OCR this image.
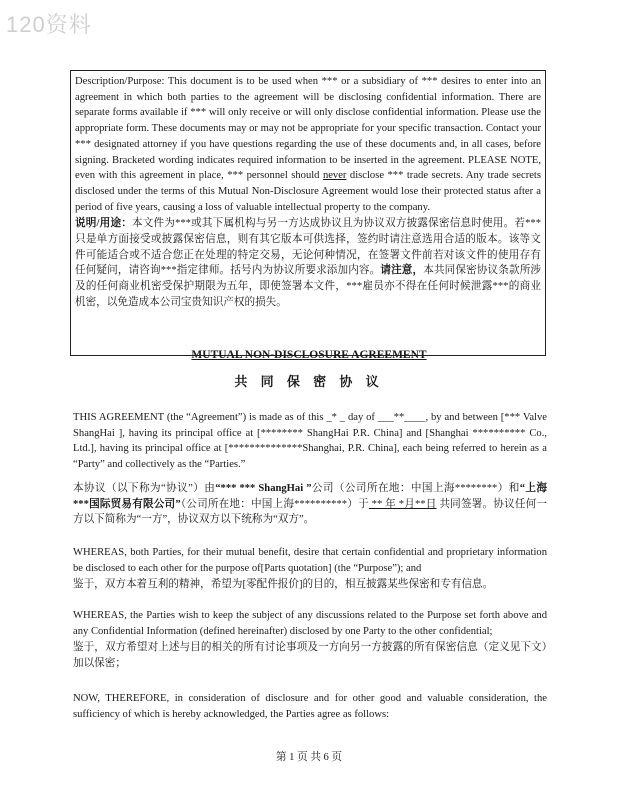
120资料

Description/Purpose: This document is to be used when *** or a subsidiary of *** desires to enter into an agreement in which both parties to the agreement will be disclosing confidential information. There are separate forms available if *** will only receive or will only disclose confidential information. Please use the appropriate form. These documents may or may not be appropriate for your specific transaction. Contact your *** designated attorney if you have questions regarding the use of these documents and, in all cases, before signing. Bracketed wording indicates required information to be inserted in the agreement. PLEASE NOTE, even with this agreement in place, *** personnel should never disclose *** trade secrets. Any trade secrets disclosed under the terms of this Mutual Non-Disclosure Agreement would lose their protected status after a period of five years, causing a loss of valuable intellectual property to the company.

说明/用途：本文件为***或其下属机构与另一方达成协议且为协议双方披露保密信息时使用。若***只是单方面接受或披露保密信息，则有其它版本可供选择，签约时请注意选用合适的版本。该等文件可能适合或不适合您正在处理的特定交易，无论何种情况，在签署文件前若对该文件的使用存有任何疑问，请咨询***指定律师。括号内为协议所要求添加内容。请注意，本共同保密协议条款所涉及的任何商业机密受保护期限为五年，即使签署本文件，***雇员亦不得在任何时候泄露***的商业机密，以免造成本公司宝贵知识产权的损失。

MUTUAL NON-DISCLOSURE AGREEMENT
共 同 保 密 协 议

THIS AGREEMENT (the “Agreement”) is made as of this _* _ day of ___**____, by and between [*** Valve ShangHai ], having its principal office at [******** ShangHai P.R. China] and [Shanghai ********** Co., Ltd.], having its principal office at [**************Shanghai, P.R. China], each being referred to herein as a “Party” and collectively as the “Parties.”

本协议（以下称为“协议”）由“*** *** ShangHai ”公司（公司所在地：中国上海********）和“上海***国际贸易有限公司”（公司所在地：中国上海**********）于 ** 年 *月**日 共同签署。协议任何一方以下简称为“一方”，协议双方以下统称为“双方”。

WHEREAS, both Parties, for their mutual benefit, desire that certain confidential and proprietary information be disclosed to each other for the purpose of[Parts quotation] (the “Purpose”); and

鉴于，双方本着互利的精神，希望为[零配件报价]的目的，相互披露某些保密和专有信息。

WHEREAS, the Parties wish to keep the subject of any discussions related to the Purpose set forth above and any Confidential Information (defined hereinafter) disclosed by one Party to the other confidential;

鉴于，双方希望对上述与目的相关的所有讨论事项及一方向另一方披露的所有保密信息（定义见下文）加以保密；

NOW, THEREFORE, in consideration of disclosure and for other good and valuable consideration, the sufficiency of which is hereby acknowledged, the Parties agree as follows:

第 1 页 共 6 页
